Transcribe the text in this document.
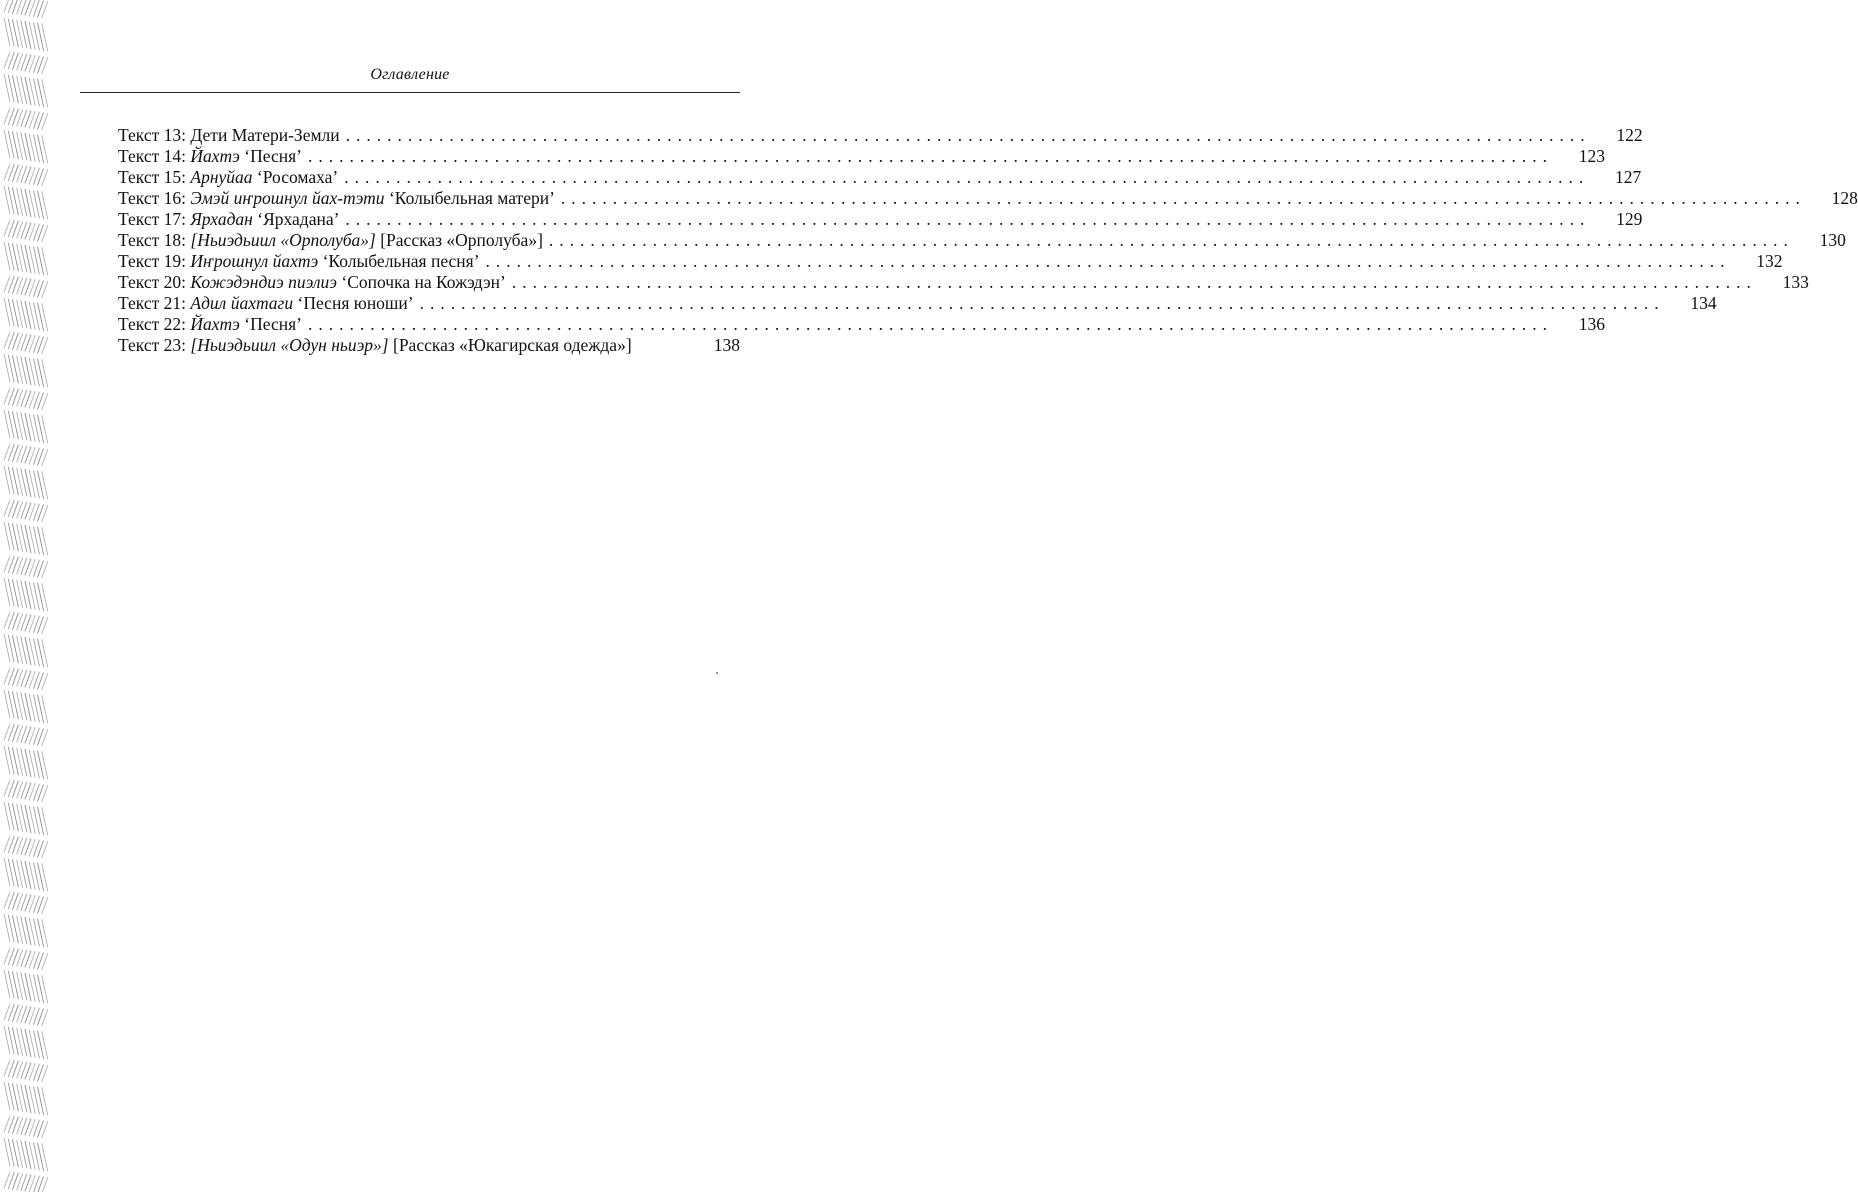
Оглавление
Текст 13: Дети Матери-Земли ........................................................................................................................	122
Текст 14: Йахтэ ‘Песня’ ........................................................................................................................	123
Текст 15: Арнуйаа ‘Росомаха’ ........................................................................................................................	127
Текст 16: Эмэй иҥрошнул йах-тэти ‘Колыбельная матери’ ........................................................................................................................	128
Текст 17: Ярхадан ‘Ярхадана’ ........................................................................................................................	129
Текст 18: [Ньиэдьиил «Орполуба»] [Рассказ «Орполуба»] ........................................................................................................................	130
Текст 19: Иҥрошнул йахтэ ‘Колыбельная песня’ ........................................................................................................................	132
Текст 20: Кожэдэндиэ пиэлиэ ‘Сопочка на Кожэдэн’ ........................................................................................................................	133
Текст 21: Адил йахтаги ‘Песня юноши’ ........................................................................................................................	134
Текст 22: Йахтэ ‘Песня’ ........................................................................................................................	136
Текст 23: [Ньиэдьиил «Одун ньиэр»] [Рассказ «Юкагирская одежда»]	138
